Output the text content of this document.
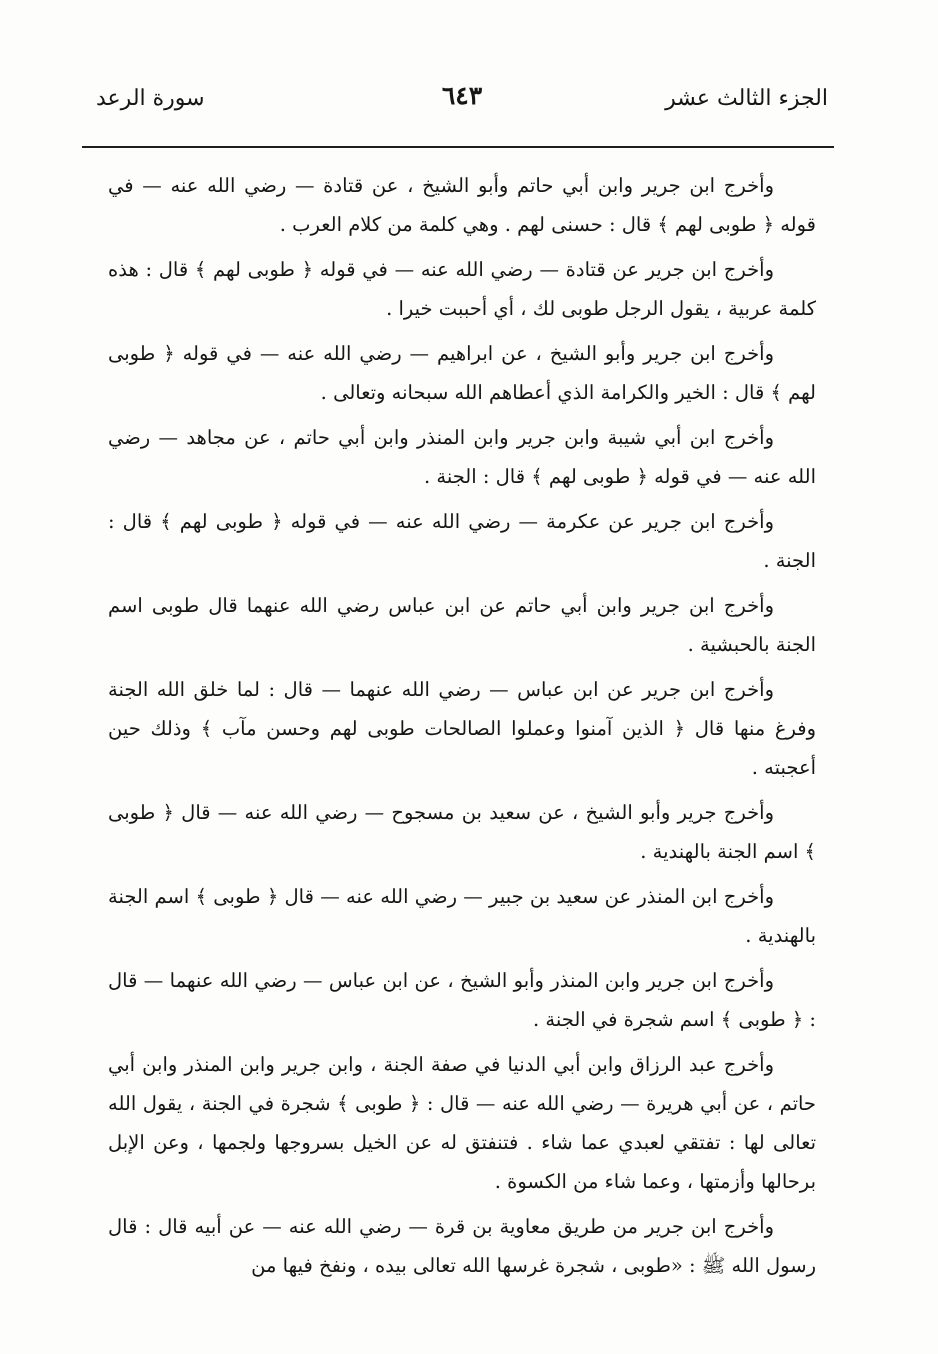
الجزء الثالث عشر
٦٤٣
سورة الرعد

وأخرج ابن جرير وابن أبي حاتم وأبو الشيخ ، عن قتادة — رضي الله عنه — في قوله ﴿ طوبى لهم ﴾ قال : حسنى لهم . وهي كلمة من كلام العرب .

وأخرج ابن جرير عن قتادة — رضي الله عنه — في قوله ﴿ طوبى لهم ﴾ قال : هذه كلمة عربية ، يقول الرجل طوبى لك ، أي أحببت خيرا .

وأخرج ابن جرير وأبو الشيخ ، عن ابراهيم — رضي الله عنه — في قوله ﴿ طوبى لهم ﴾ قال : الخير والكرامة الذي أعطاهم الله سبحانه وتعالى .

وأخرج ابن أبي شيبة وابن جرير وابن المنذر وابن أبي حاتم ، عن مجاهد — رضي الله عنه — في قوله ﴿ طوبى لهم ﴾ قال : الجنة .

وأخرج ابن جرير عن عكرمة — رضي الله عنه — في قوله ﴿ طوبى لهم ﴾ قال : الجنة .

وأخرج ابن جرير وابن أبي حاتم عن ابن عباس رضي الله عنهما قال طوبى اسم الجنة بالحبشية .

وأخرج ابن جرير عن ابن عباس — رضي الله عنهما — قال : لما خلق الله الجنة وفرغ منها قال ﴿ الذين آمنوا وعملوا الصالحات طوبى لهم وحسن مآب ﴾ وذلك حين أعجبته .

وأخرج جرير وأبو الشيخ ، عن سعيد بن مسجوح — رضي الله عنه — قال ﴿ طوبى ﴾ اسم الجنة بالهندية .

وأخرج ابن المنذر عن سعيد بن جبير — رضي الله عنه — قال ﴿ طوبى ﴾ اسم الجنة بالهندية .

وأخرج ابن جرير وابن المنذر وأبو الشيخ ، عن ابن عباس — رضي الله عنهما — قال : ﴿ طوبى ﴾ اسم شجرة في الجنة .

وأخرج عبد الرزاق وابن أبي الدنيا في صفة الجنة ، وابن جرير وابن المنذر وابن أبي حاتم ، عن أبي هريرة — رضي الله عنه — قال : ﴿ طوبى ﴾ شجرة في الجنة ، يقول الله تعالى لها : تفتقي لعبدي عما شاء . فتنفتق له عن الخيل بسروجها ولجمها ، وعن الإبل برحالها وأزمتها ، وعما شاء من الكسوة .

وأخرج ابن جرير من طريق معاوية بن قرة — رضي الله عنه — عن أبيه قال : قال رسول الله ﷺ : «طوبى ، شجرة غرسها الله تعالى بيده ، ونفخ فيها من
